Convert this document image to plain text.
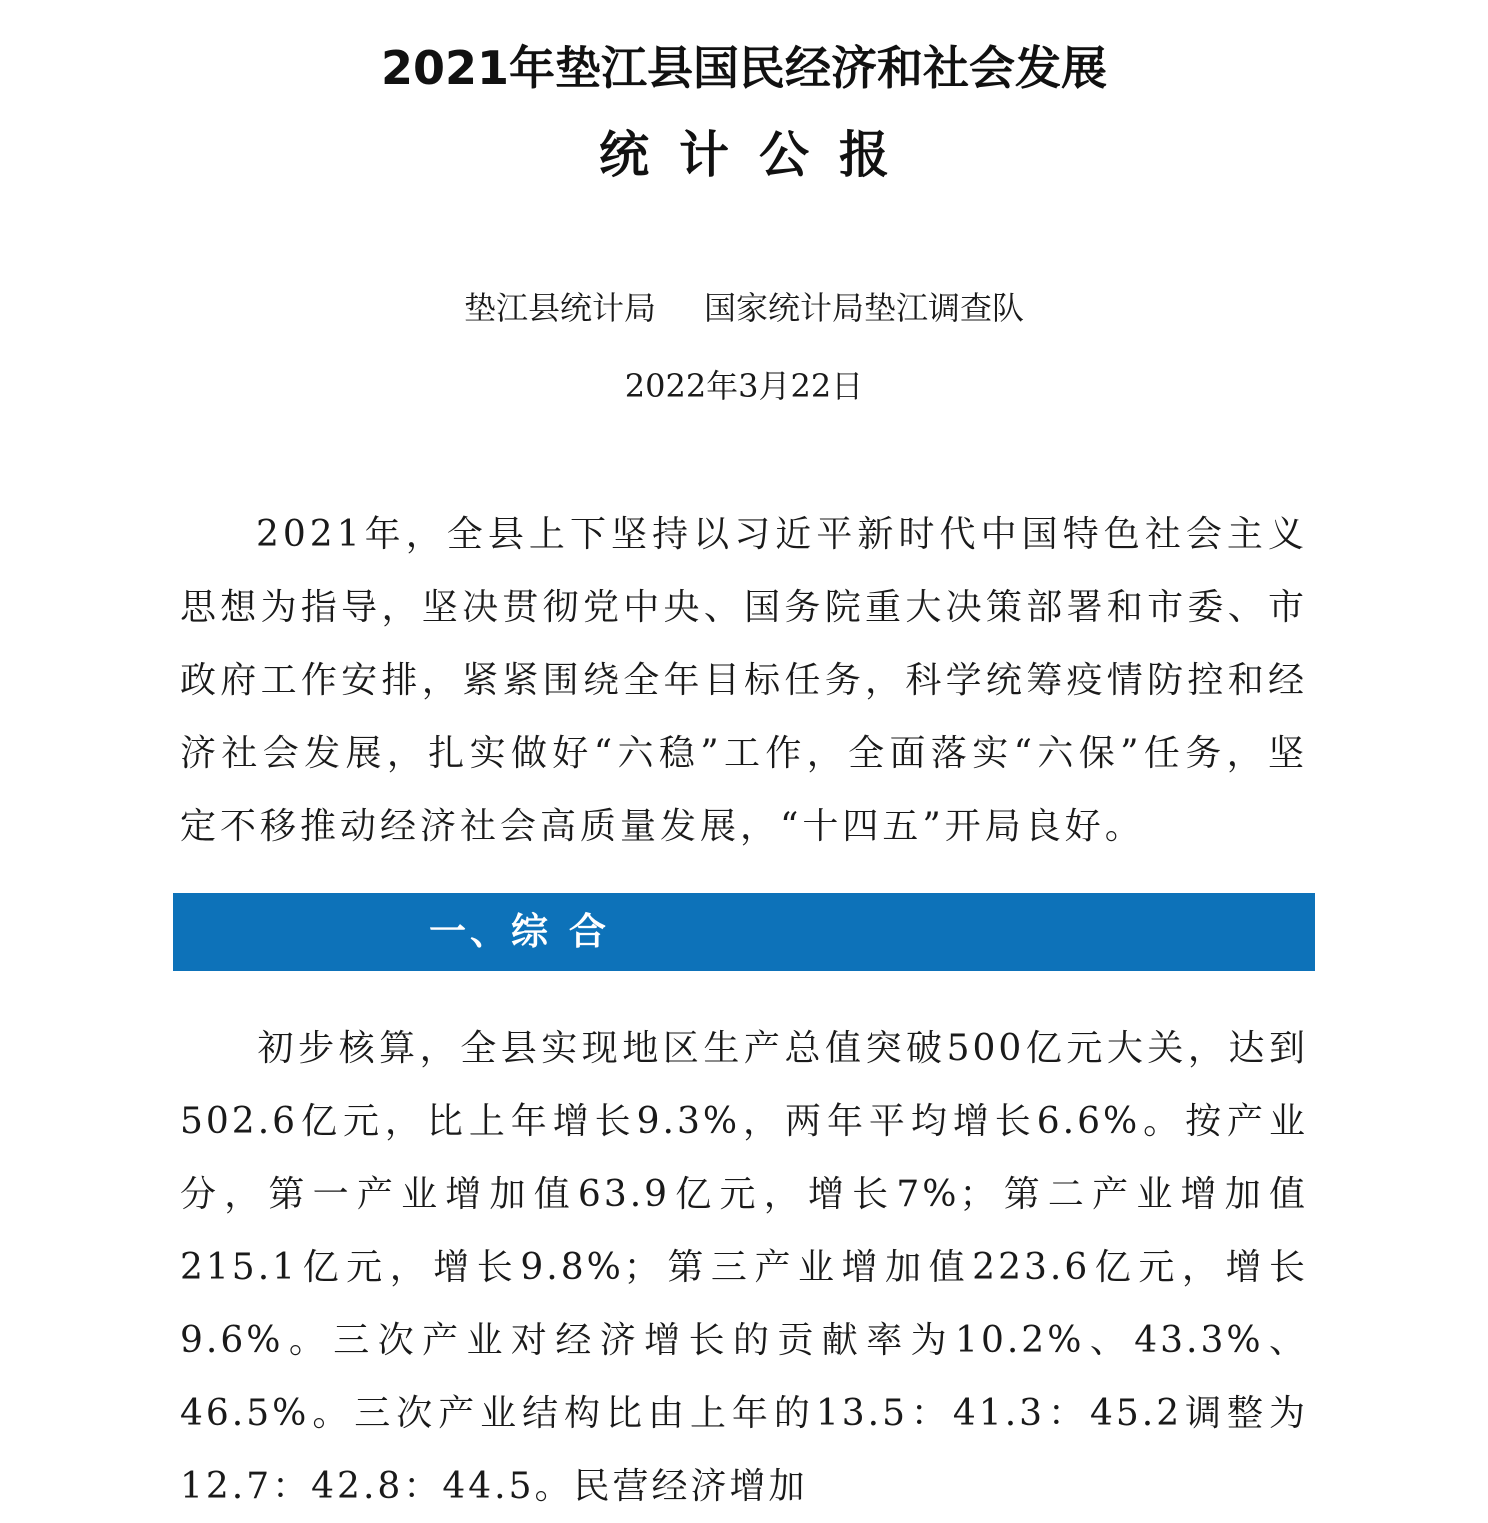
2021年垫江县国民经济和社会发展
统计公报

垫江县统计局 国家统计局垫江调查队

2022年3月22日

2021年，全县上下坚持以习近平新时代中国特色社会主义思想为指导，坚决贯彻党中央、国务院重大决策部署和市委、市政府工作安排，紧紧围绕全年目标任务，科学统筹疫情防控和经济社会发展，扎实做好“六稳”工作，全面落实“六保”任务，坚定不移推动经济社会高质量发展，“十四五”开局良好。

一、综 合

初步核算，全县实现地区生产总值突破500亿元大关，达到502.6亿元，比上年增长9.3%，两年平均增长6.6%。按产业分，第一产业增加值63.9亿元，增长7%；第二产业增加值215.1亿元，增长9.8%；第三产业增加值223.6亿元，增长9.6%。三次产业对经济增长的贡献率为10.2%、43.3%、46.5%。三次产业结构比由上年的13.5：41.3：45.2调整为12.7：42.8：44.5。民营经济增加
